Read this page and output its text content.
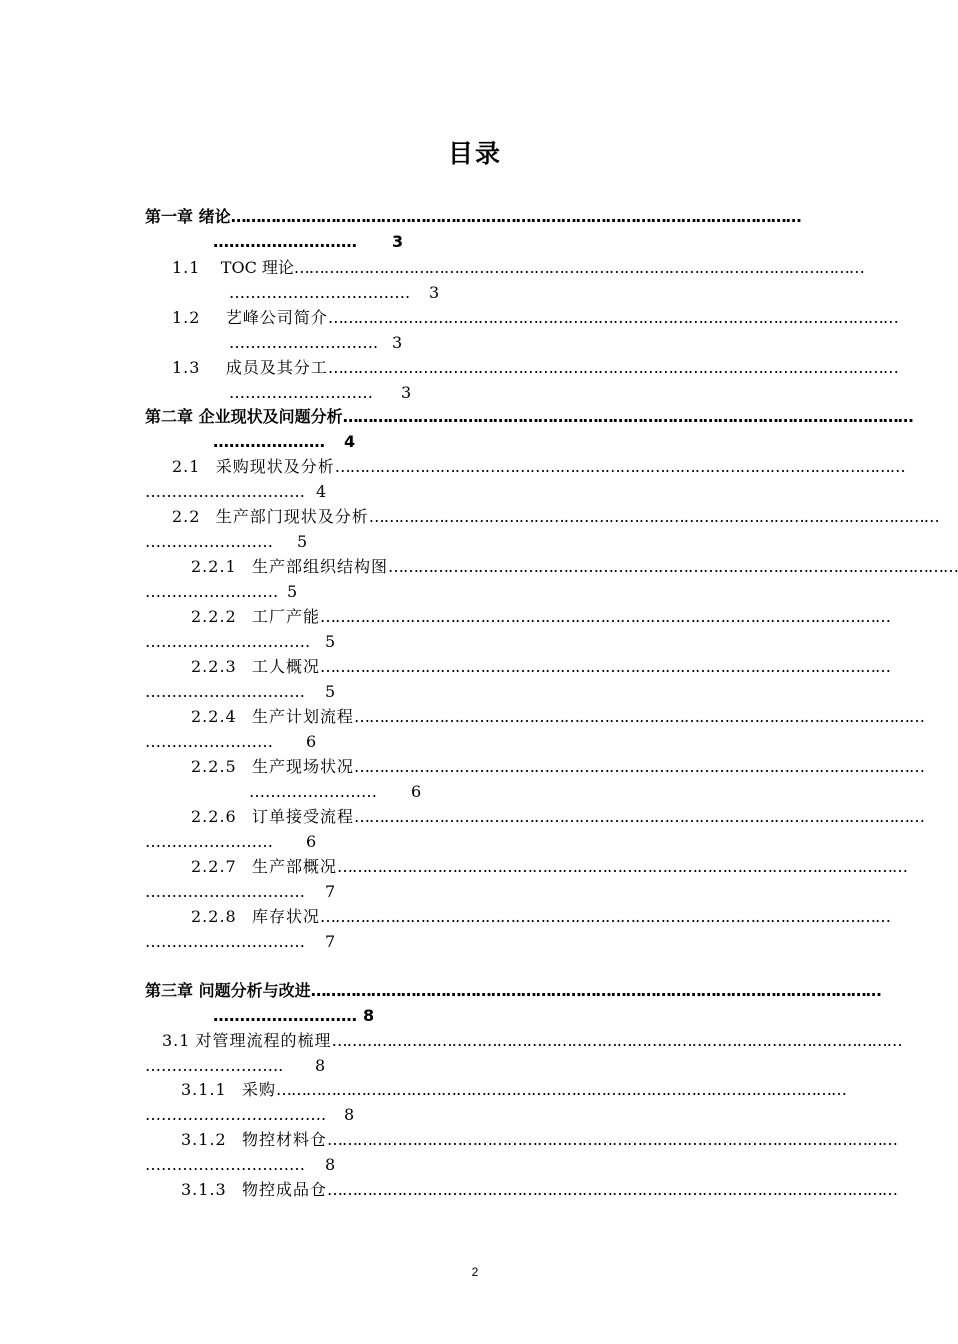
目录
第一章 绪论……………………………………………………………………………………………………
………………………	3
1.1 TOC 理论……………………………………………………………………………………………………
……………………………. 3
1.2 艺峰公司简介……………………………………………………………………………………………………
………………………. 3
1.3 成员及其分工……………………………………………………………………………………………………
………………………	3
第二章 企业现状及问题分析……………………………………………………………………………………………………
………………… 4
2.1 采购现状及分析……………………………………………………………………………………………………
………………………… 4
2.2 生产部门现状及分析……………………………………………………………………………………………………
……………………	5
2.2.1 生产部组织结构图……………………………………………………………………………………………………
……………………. 5
2.2.2 工厂产能……………………………………………………………………………………………………
…………………………. 5
2.2.3 工人概况……………………………………………………………………………………………………
………………………… 5
2.2.4 生产计划流程……………………………………………………………………………………………………
……………………	6
2.2.5 生产现场状况……………………………………………………………………………………………………
……………………	6
2.2.6 订单接受流程……………………………………………………………………………………………………
……………………	6
2.2.7 生产部概况……………………………………………………………………………………………………
………………………… 7
2.2.8 库存状况……………………………………………………………………………………………………
………………………… 7
第三章 问题分析与改进……………………………………………………………………………………………………
……………………… 8
3.1 对管理流程的梳理……………………………………………………………………………………………………
……………………..	8
3.1.1 采购……………………………………………………………………………………………………
……………………………. 8
3.1.2 物控材料仓……………………………………………………………………………………………………
………………………… 8
3.1.3 物控成品仓……………………………………………………………………………………………………
2
